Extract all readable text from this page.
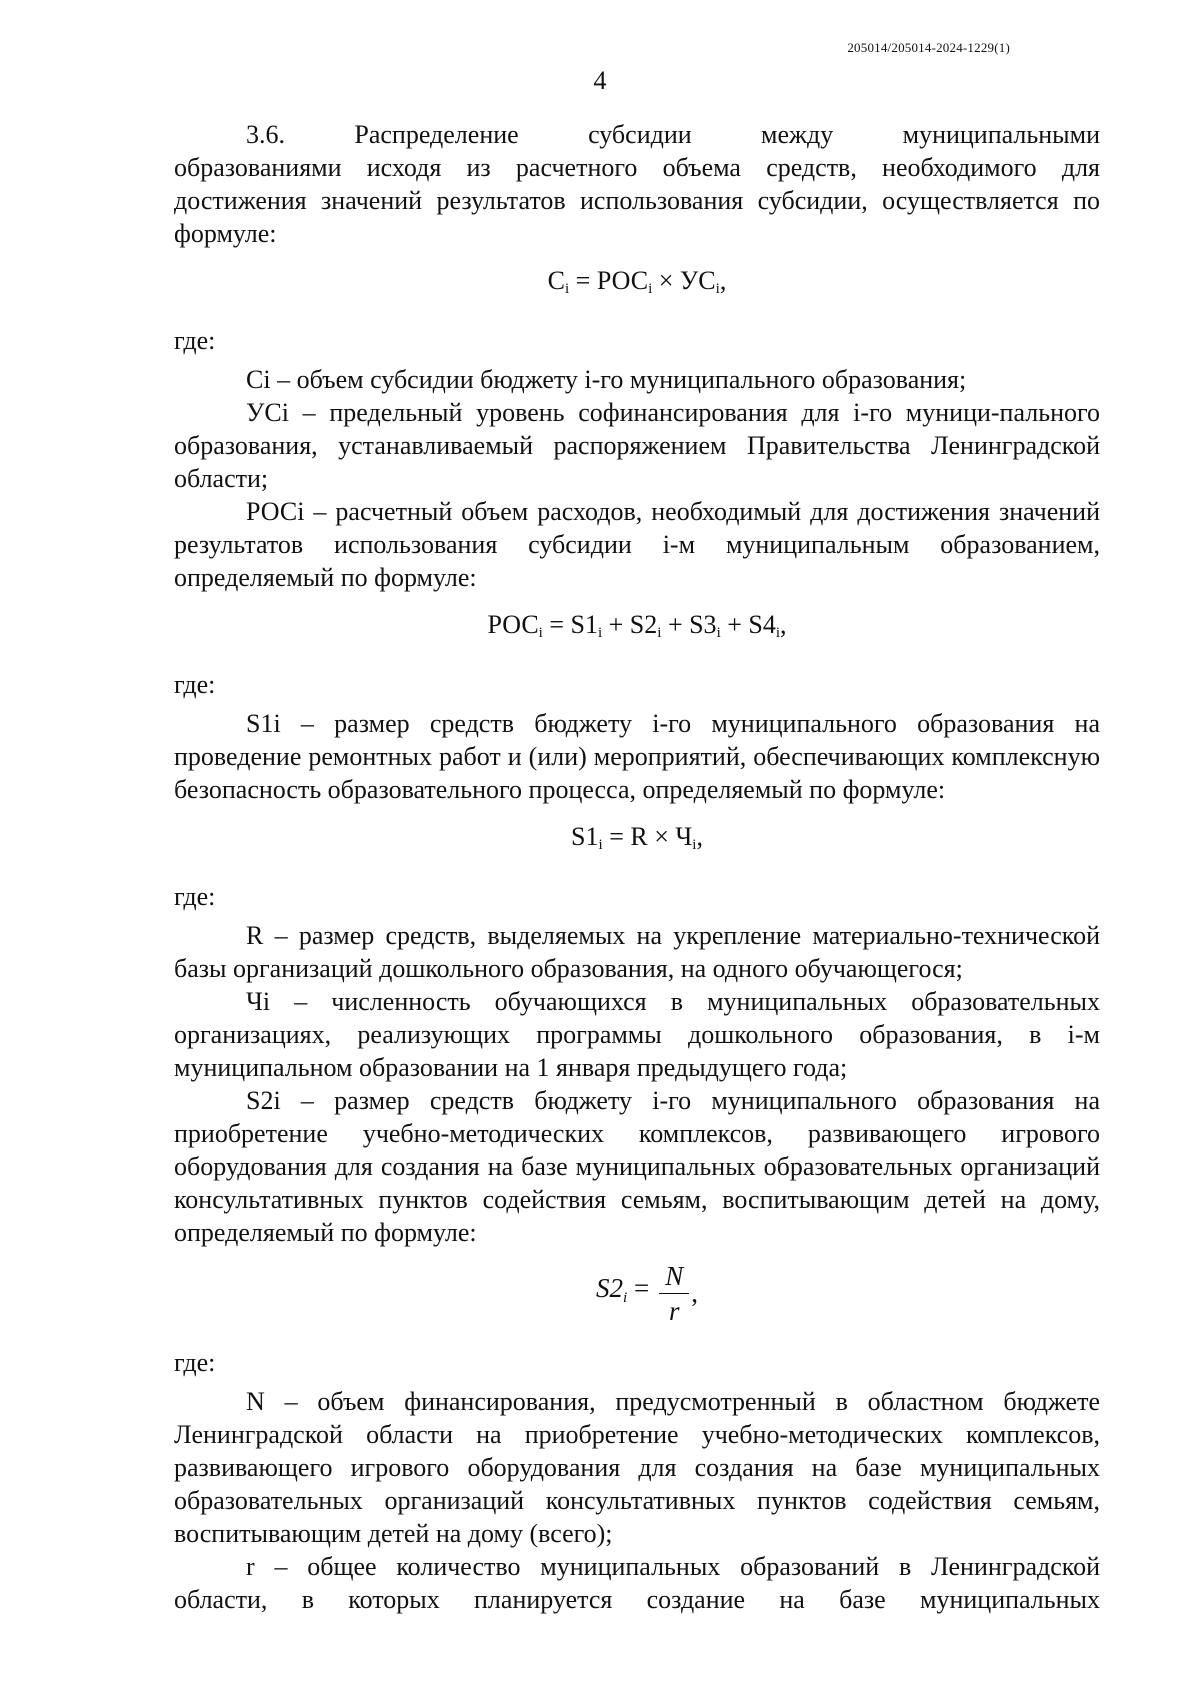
205014/205014-2024-1229(1)
4

3.6. Распределение субсидии между муниципальными

образованиями исходя из расчетного объема средств, необходимого для достижения значений результатов использования субсидии, осуществляется по формуле:

$С_i = РОС_i \times УС_i$,

где:

Сi – объем субсидии бюджету i-го муниципального образования;

УСi – предельный уровень софинансирования для i-го муници-пального образования, устанавливаемый распоряжением Правительства Ленинградской области;

РОСi – расчетный объем расходов, необходимый для достижения значений результатов использования субсидии i-м муниципальным образованием, определяемый по формуле:

$РОС_i = S1_i + S2_i + S3_i + S4_i$,

где:

S1i – размер средств бюджету i-го муниципального образования на проведение ремонтных работ и (или) мероприятий, обеспечивающих комплексную безопасность образовательного процесса, определяемый по формуле:

$S1_i = R \times Ч_i$,

где:

R – размер средств, выделяемых на укрепление материально-технической базы организаций дошкольного образования, на одного обучающегося;

Чi – численность обучающихся в муниципальных образовательных организациях, реализующих программы дошкольного образования, в i-м муниципальном образовании на 1 января предыдущего года;

S2i – размер средств бюджету i-го муниципального образования на приобретение учебно-методических комплексов, развивающего игрового оборудования для создания на базе муниципальных образовательных организаций консультативных пунктов содействия семьям, воспитывающим детей на дому, определяемый по формуле:

$S2_i = \frac{N}{r}$ ,

где:

N – объем финансирования, предусмотренный в областном бюджете Ленинградской области на приобретение учебно-методических комплексов, развивающего игрового оборудования для создания на базе муниципальных образовательных организаций консультативных пунктов содействия семьям, воспитывающим детей на дому (всего);

r – общее количество муниципальных образований в Ленинградской области, в которых планируется создание на базе муниципальных
